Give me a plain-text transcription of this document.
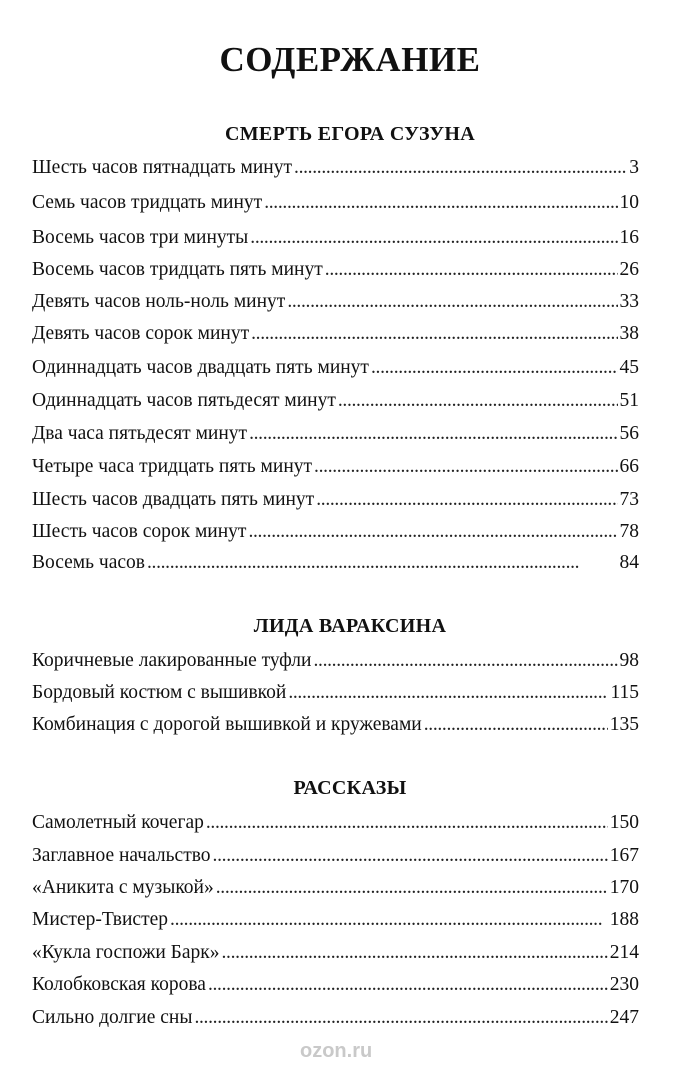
СОДЕРЖАНИЕ
СМЕРТЬ ЕГОРА СУЗУНА
Шесть часов пятнадцать минут . . .	3
Семь часов тридцать минут . . .	10
Восемь часов три минуты . . .	16
Восемь часов тридцать пять минут . . .	26
Девять часов ноль-ноль минут . . .	33
Девять часов сорок минут . . .	38
Одиннадцать часов двадцать пять минут . . .	45
Одиннадцать часов пятьдесят минут . . .	51
Два часа пятьдесят минут . . .	56
Четыре часа тридцать пять минут . . .	66
Шесть часов двадцать пять минут . . .	73
Шесть часов сорок минут . . .	78
Восемь часов . . .	84
ЛИДА ВАРАКСИНА
Коричневые лакированные туфли . . .	98
Бордовый костюм с вышивкой . . .	115
Комбинация с дорогой вышивкой и кружевами . . .	135
РАССКАЗЫ
Самолетный кочегар . . .	150
Заглавное начальство . . .	167
«Аникита с музыкой» . . .	170
Мистер-Твистер . . .	188
«Кукла госпожи Барк» . . .	214
Колобковская корова . . .	230
Сильно долгие сны . . .	247
ozon.ru
